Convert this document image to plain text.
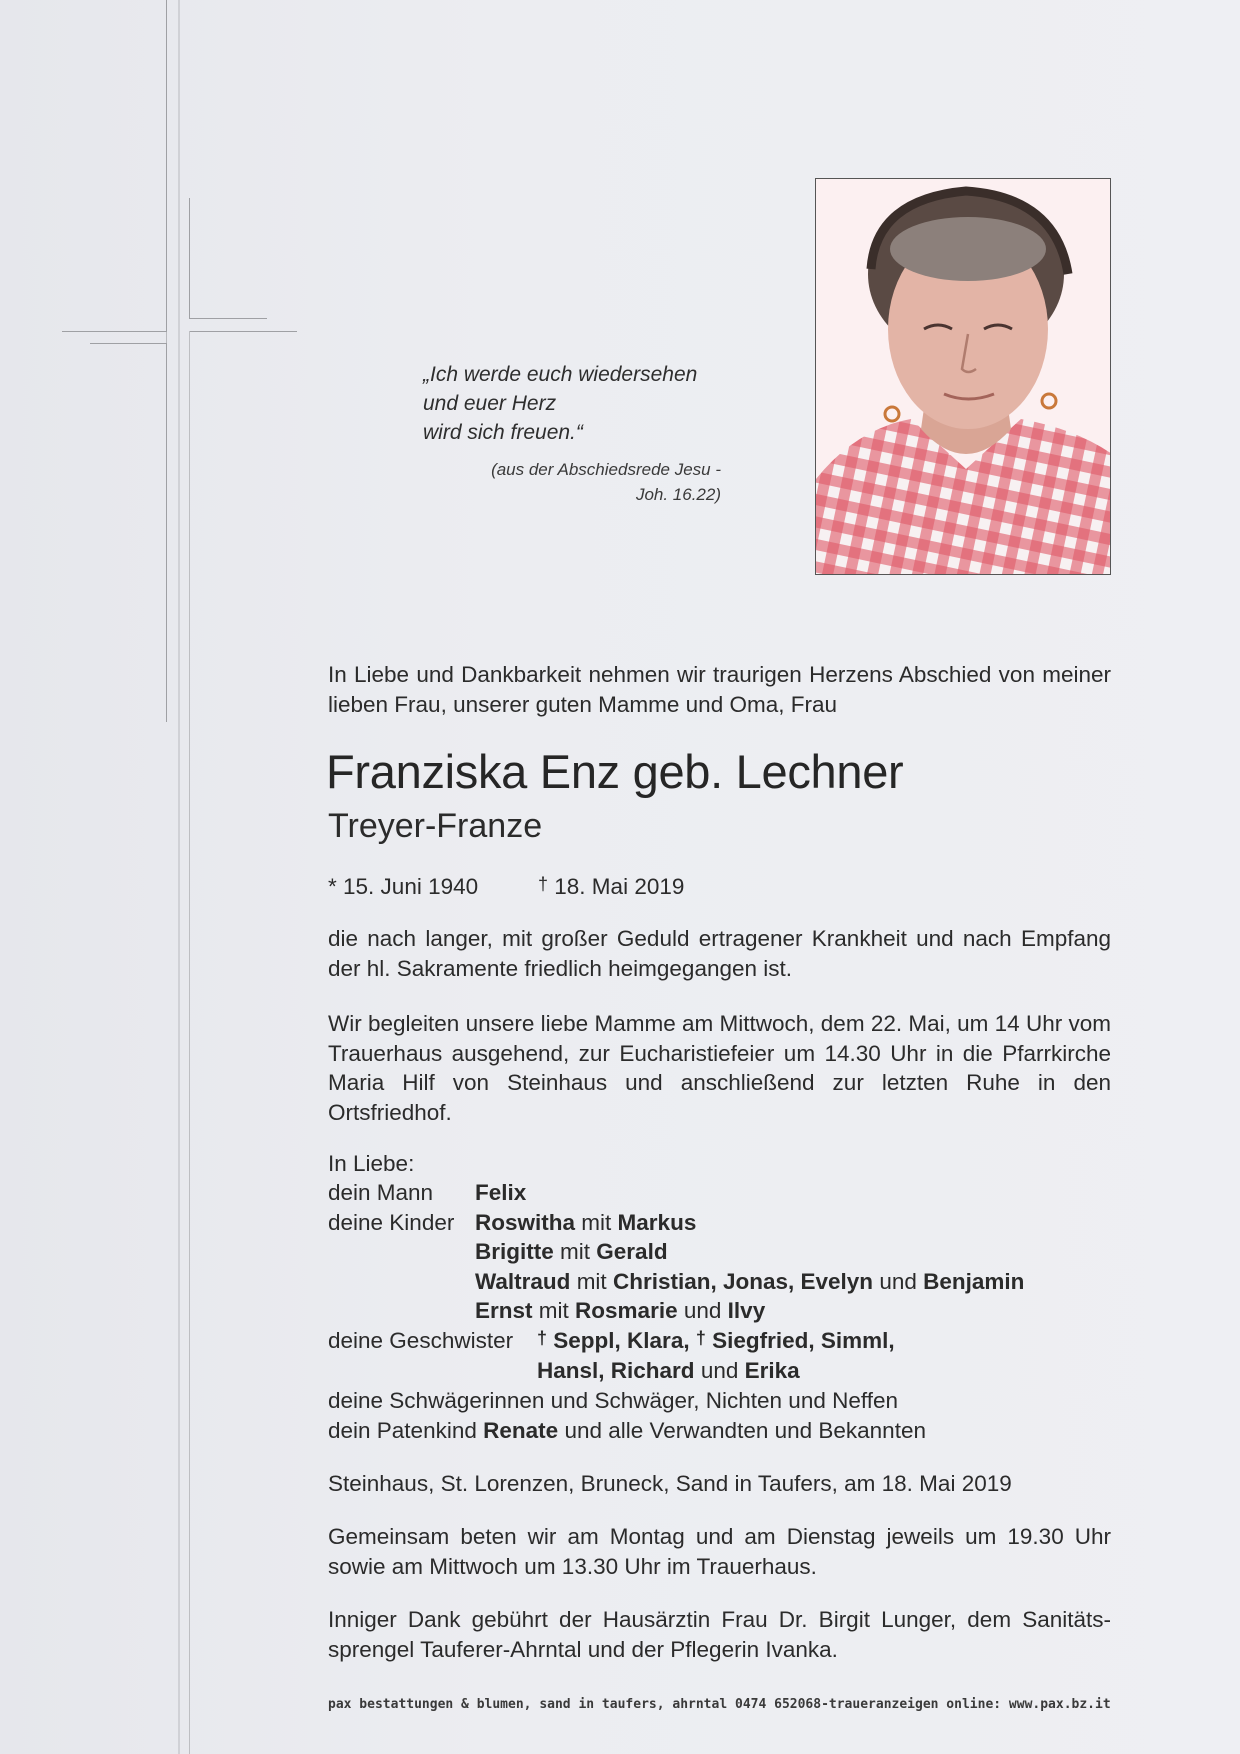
„Ich werde euch wiedersehen
und euer Herz
wird sich freuen.“
(aus der Abschiedsrede Jesu -
Joh. 16.22)
In Liebe und Dankbarkeit nehmen wir traurigen Herzens Abschied von meiner lieben Frau, unserer guten Mamme und Oma, Frau
Franziska Enz geb. Lechner
Treyer-Franze
* 15. Juni 1940	† 18. Mai 2019
die nach langer, mit großer Geduld ertragener Krankheit und nach Empfang der hl. Sakramente friedlich heimgegangen ist.
Wir begleiten unsere liebe Mamme am Mittwoch, dem 22. Mai, um 14 Uhr vom Trauerhaus ausgehend, zur Eucharistiefeier um 14.30 Uhr in die Pfarrkirche Maria Hilf von Steinhaus und anschließend zur letzten Ruhe in den Ortsfriedhof.
In Liebe:
dein Mann Felix
deine Kinder Roswitha mit Markus
Brigitte mit Gerald
Waltraud mit Christian, Jonas, Evelyn und Benjamin
Ernst mit Rosmarie und Ilvy
deine Geschwister † Seppl, Klara, † Siegfried, Simml,
Hansl, Richard und Erika
deine Schwägerinnen und Schwäger, Nichten und Neffen
dein Patenkind Renate und alle Verwandten und Bekannten
Steinhaus, St. Lorenzen, Bruneck, Sand in Taufers, am 18. Mai 2019
Gemeinsam beten wir am Montag und am Dienstag jeweils um 19.30 Uhr sowie am Mittwoch um 13.30 Uhr im Trauerhaus.
Inniger Dank gebührt der Hausärztin Frau Dr. Birgit Lunger, dem Sanitäts-sprengel Tauferer-Ahrntal und der Pflegerin Ivanka.
pax bestattungen & blumen, sand in taufers, ahrntal 0474 652068-traueranzeigen online: www.pax.bz.it
